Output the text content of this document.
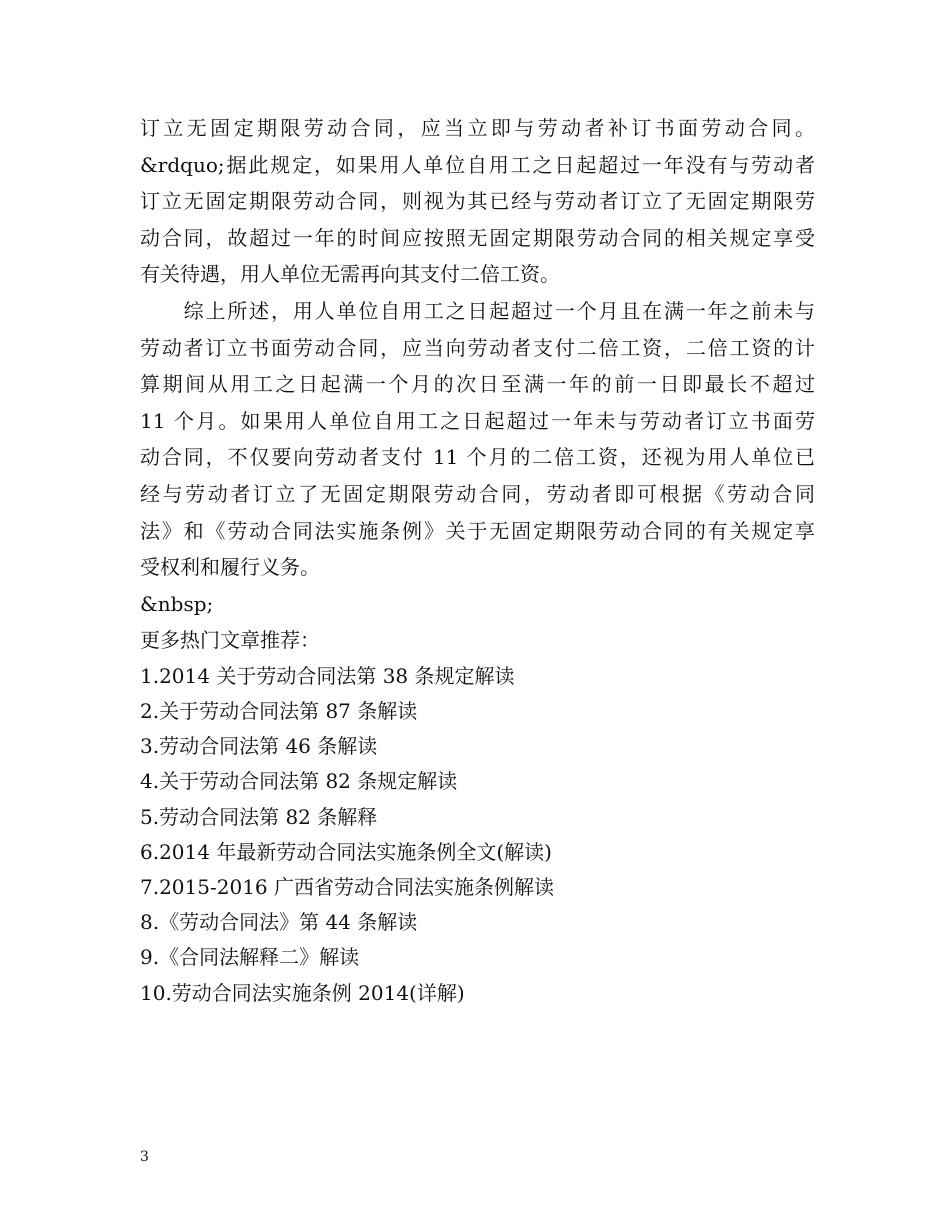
订立无固定期限劳动合同，应当立即与劳动者补订书面劳动合同。
&rdquo;据此规定，如果用人单位自用工之日起超过一年没有与劳动者
订立无固定期限劳动合同，则视为其已经与劳动者订立了无固定期限劳
动合同，故超过一年的时间应按照无固定期限劳动合同的相关规定享受
有关待遇，用人单位无需再向其支付二倍工资。
　　综上所述，用人单位自用工之日起超过一个月且在满一年之前未与
劳动者订立书面劳动合同，应当向劳动者支付二倍工资，二倍工资的计
算期间从用工之日起满一个月的次日至满一年的前一日即最长不超过
11 个月。如果用人单位自用工之日起超过一年未与劳动者订立书面劳
动合同，不仅要向劳动者支付 11 个月的二倍工资，还视为用人单位已
经与劳动者订立了无固定期限劳动合同，劳动者即可根据《劳动合同
法》和《劳动合同法实施条例》关于无固定期限劳动合同的有关规定享
受权利和履行义务。
&nbsp;
更多热门文章推荐：
1.2014 关于劳动合同法第 38 条规定解读
2.关于劳动合同法第 87 条解读
3.劳动合同法第 46 条解读
4.关于劳动合同法第 82 条规定解读
5.劳动合同法第 82 条解释
6.2014 年最新劳动合同法实施条例全文(解读)
7.2015-2016 广西省劳动合同法实施条例解读
8.《劳动合同法》第 44 条解读
9.《合同法解释二》解读
10.劳动合同法实施条例 2014(详解)
3
